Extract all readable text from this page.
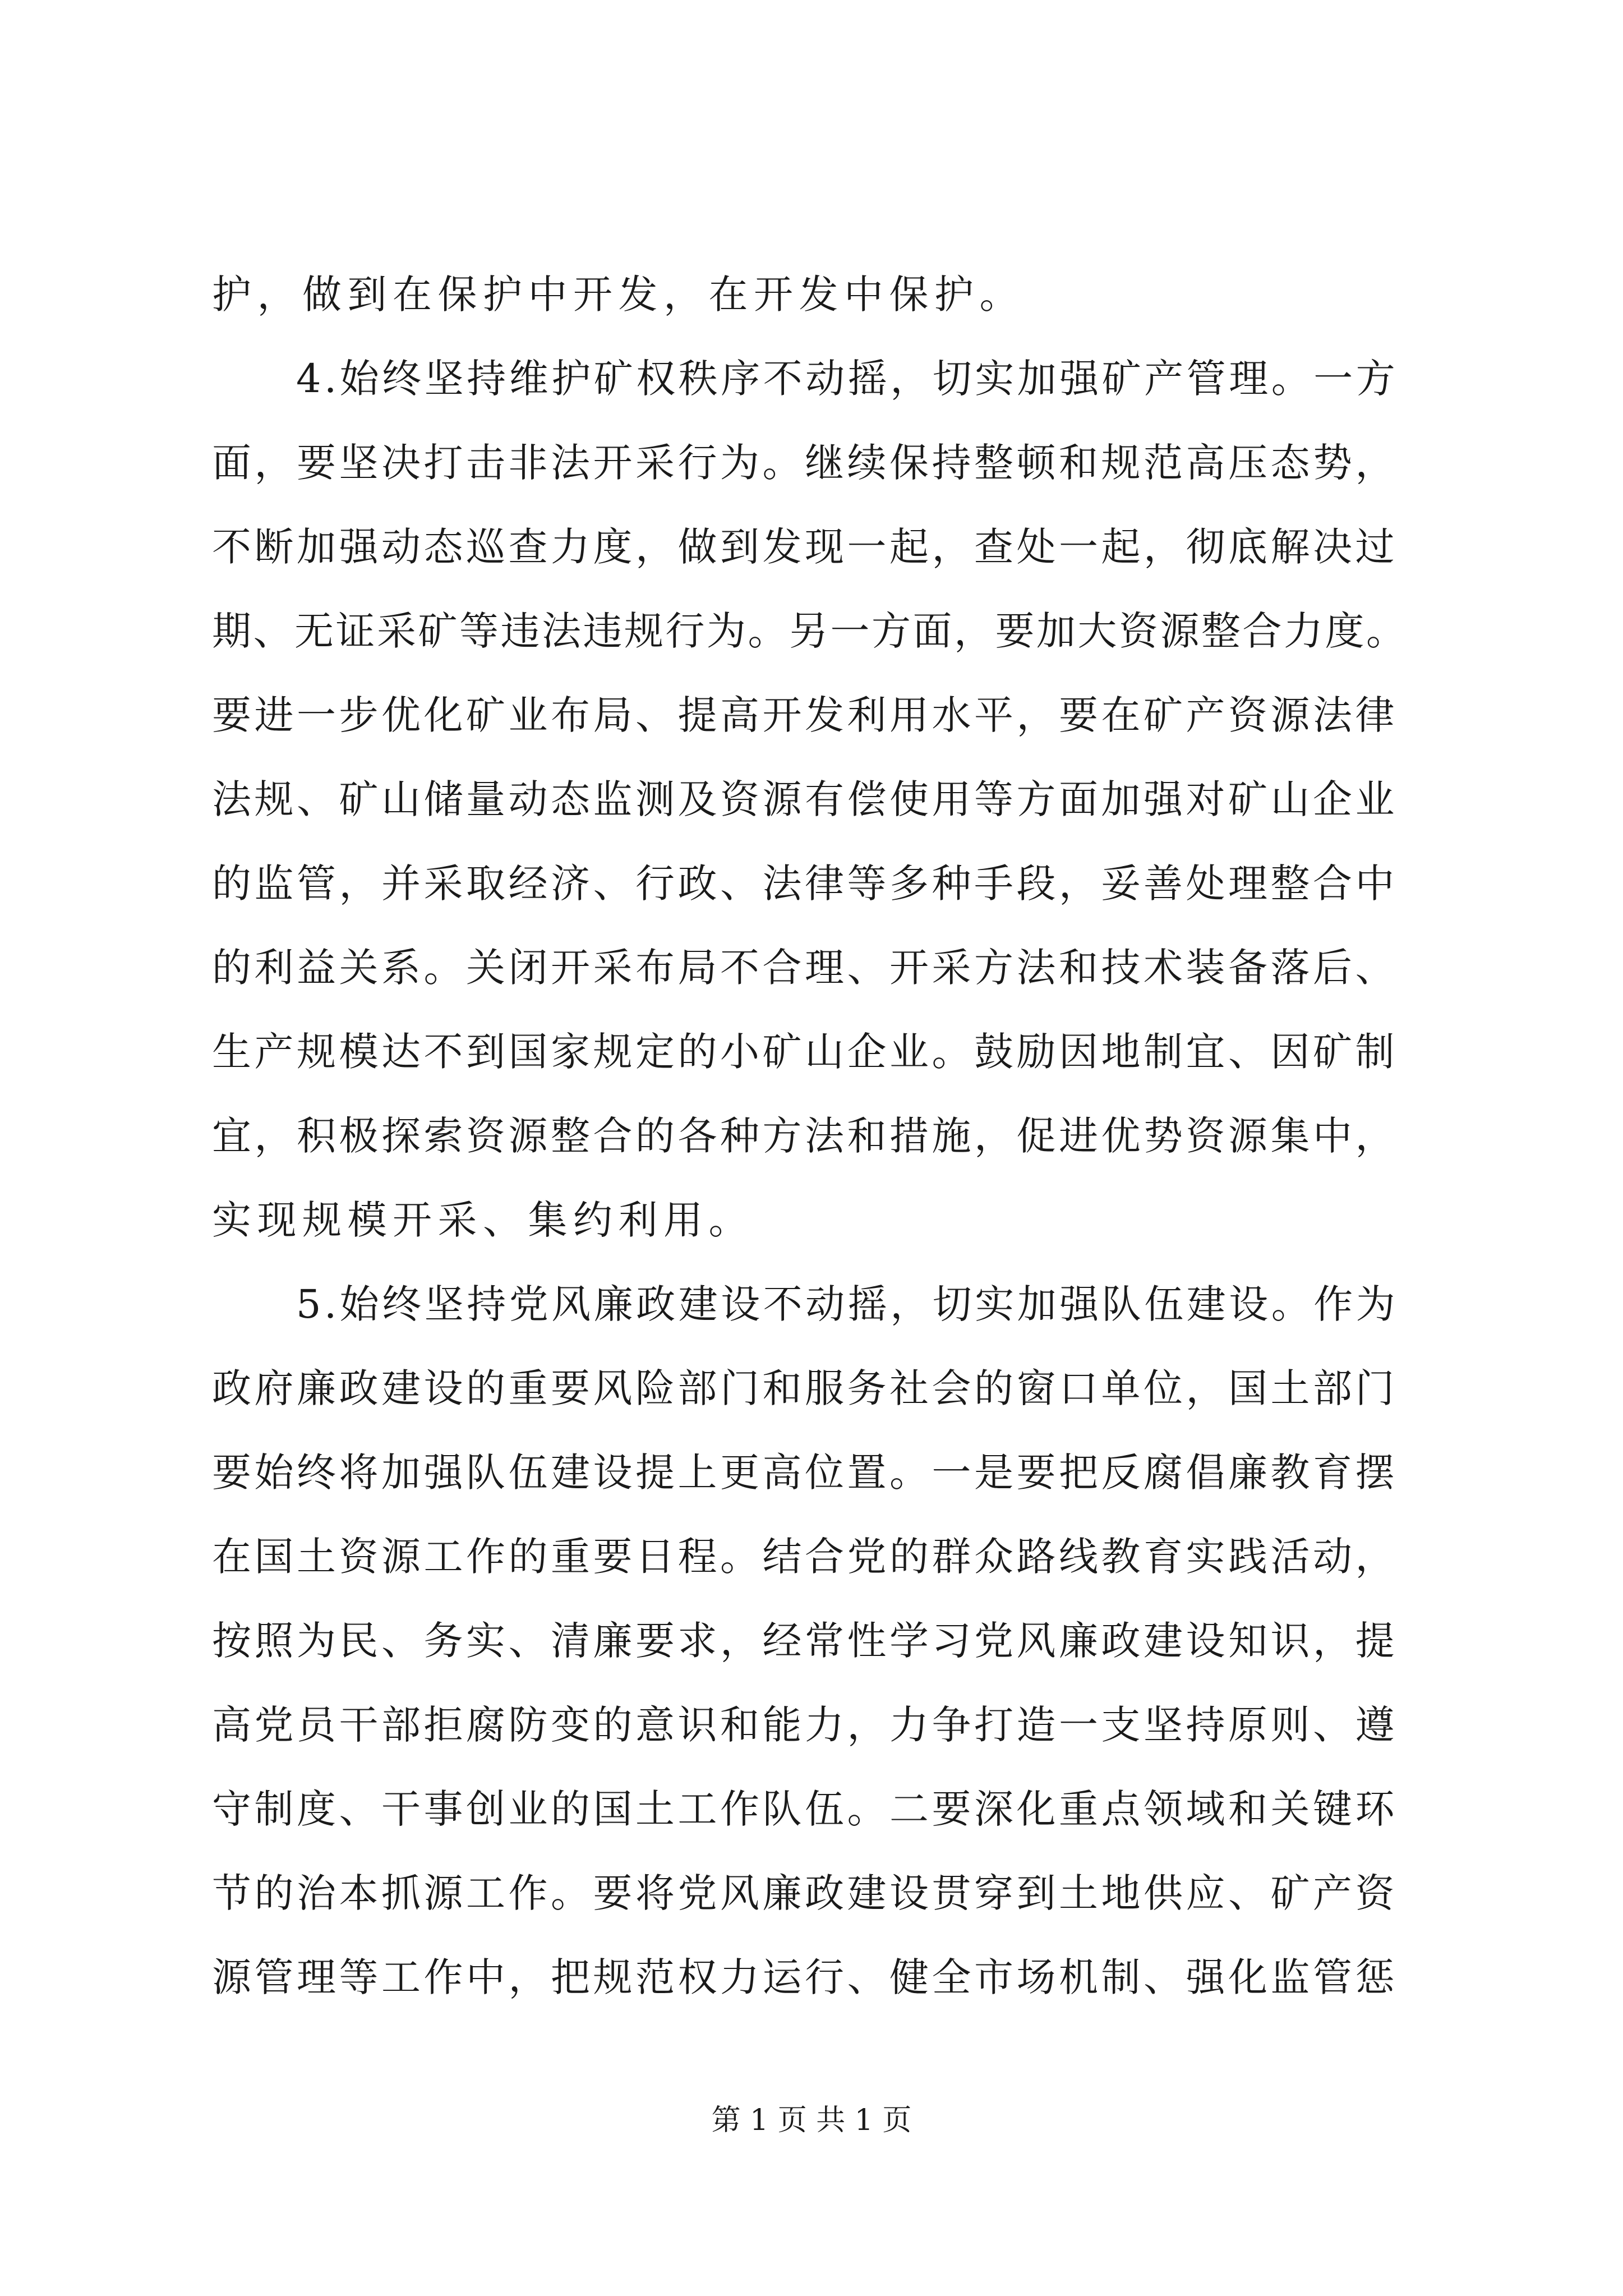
护，做到在保护中开发，在开发中保护。
4.始终坚持维护矿权秩序不动摇，切实加强矿产管理。一方
面，要坚决打击非法开采行为。继续保持整顿和规范高压态势，
不断加强动态巡查力度，做到发现一起，查处一起，彻底解决过
期、无证采矿等违法违规行为。另一方面，要加大资源整合力度。
要进一步优化矿业布局、提高开发利用水平，要在矿产资源法律
法规、矿山储量动态监测及资源有偿使用等方面加强对矿山企业
的监管，并采取经济、行政、法律等多种手段，妥善处理整合中
的利益关系。关闭开采布局不合理、开采方法和技术装备落后、
生产规模达不到国家规定的小矿山企业。鼓励因地制宜、因矿制
宜，积极探索资源整合的各种方法和措施，促进优势资源集中，
实现规模开采、集约利用。
5.始终坚持党风廉政建设不动摇，切实加强队伍建设。作为
政府廉政建设的重要风险部门和服务社会的窗口单位，国土部门
要始终将加强队伍建设提上更高位置。一是要把反腐倡廉教育摆
在国土资源工作的重要日程。结合党的群众路线教育实践活动，
按照为民、务实、清廉要求，经常性学习党风廉政建设知识，提
高党员干部拒腐防变的意识和能力，力争打造一支坚持原则、遵
守制度、干事创业的国土工作队伍。二要深化重点领域和关键环
节的治本抓源工作。要将党风廉政建设贯穿到土地供应、矿产资
源管理等工作中，把规范权力运行、健全市场机制、强化监管惩
第 1 页 共 1 页
